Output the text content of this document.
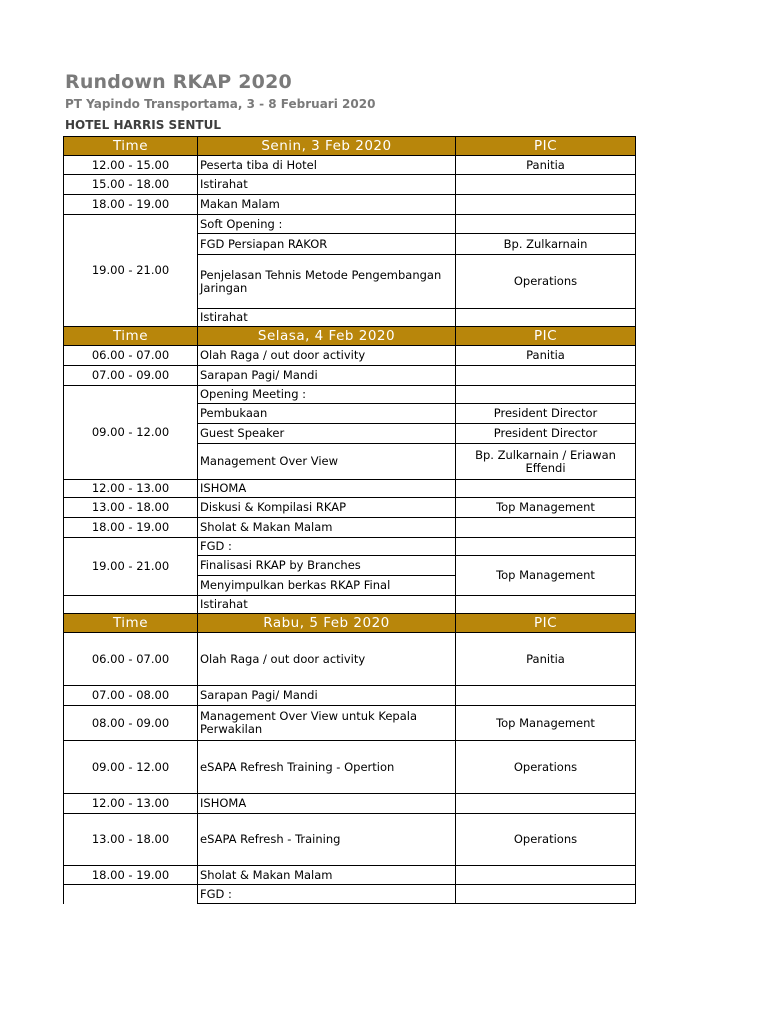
Rundown RKAP 2020
PT Yapindo Transportama, 3 - 8 Februari 2020
HOTEL HARRIS SENTUL
Time	Senin, 3 Feb 2020	PIC
12.00 - 15.00	Peserta tiba di Hotel	Panitia
15.00 - 18.00	Istirahat	
18.00 - 19.00	Makan Malam	
19.00 - 21.00	Soft Opening :	
	FGD Persiapan RAKOR	Bp. Zulkarnain
	Penjelasan Tehnis Metode Pengembangan Jaringan	Operations
	Istirahat	
Time	Selasa, 4 Feb 2020	PIC
06.00 - 07.00	Olah Raga / out door activity	Panitia
07.00 - 09.00	Sarapan Pagi/ Mandi	
09.00 - 12.00	Opening Meeting :	
	Pembukaan	President Director
	Guest Speaker	President Director
	Management Over View	Bp. Zulkarnain / Eriawan Effendi
12.00 - 13.00	ISHOMA	
13.00 - 18.00	Diskusi & Kompilasi RKAP	Top Management
18.00 - 19.00	Sholat & Makan Malam	
19.00 - 21.00	FGD :	
	Finalisasi RKAP by Branches	Top Management
	Menyimpulkan berkas RKAP Final	
	Istirahat	
Time	Rabu, 5 Feb 2020	PIC
06.00 - 07.00	Olah Raga / out door activity	Panitia
07.00 - 08.00	Sarapan Pagi/ Mandi	
08.00 - 09.00	Management Over View untuk Kepala Perwakilan	Top Management
09.00 - 12.00	eSAPA Refresh Training - Opertion	Operations
12.00 - 13.00	ISHOMA	
13.00 - 18.00	eSAPA Refresh - Training	Operations
18.00 - 19.00	Sholat & Makan Malam	
	FGD :	
